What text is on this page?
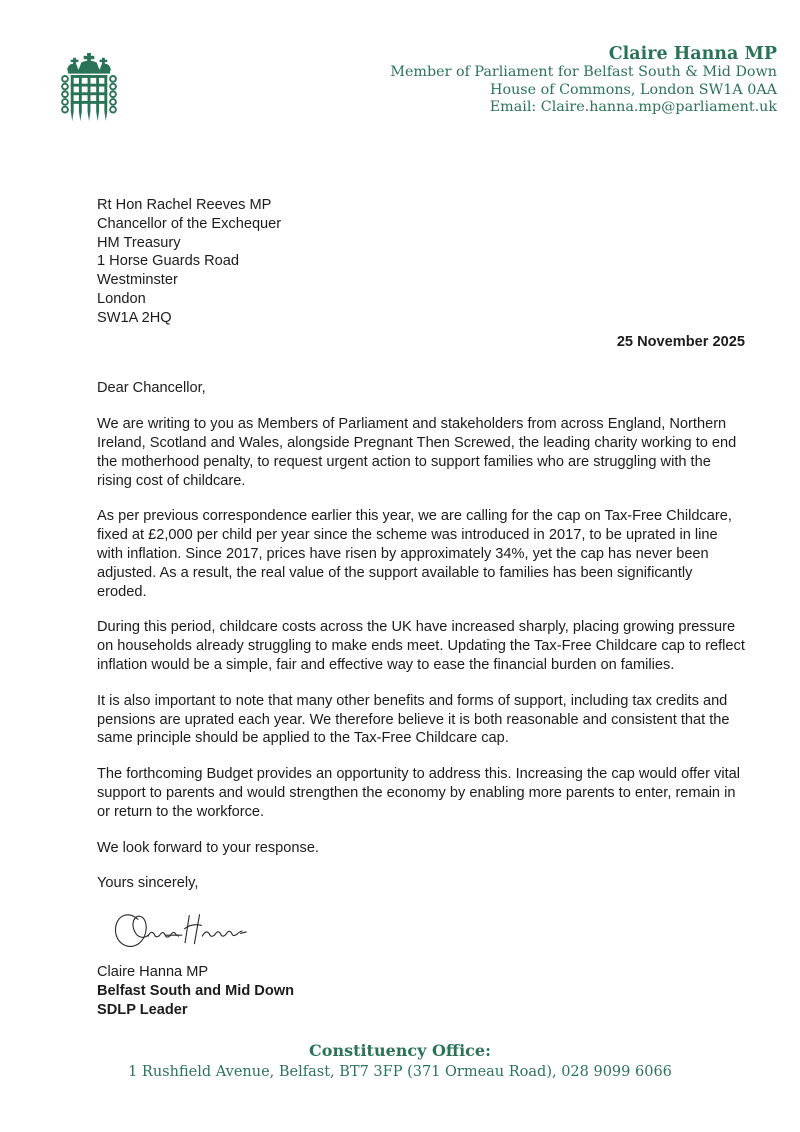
Claire Hanna MP
Member of Parliament for Belfast South & Mid Down
House of Commons, London SW1A 0AA
Email: Claire.hanna.mp@parliament.uk
Rt Hon Rachel Reeves MP
Chancellor of the Exchequer
HM Treasury
1 Horse Guards Road
Westminster
London
SW1A 2HQ
25 November 2025
Dear Chancellor,

We are writing to you as Members of Parliament and stakeholders from across England, Northern Ireland, Scotland and Wales, alongside Pregnant Then Screwed, the leading charity working to end the motherhood penalty, to request urgent action to support families who are struggling with the rising cost of childcare.

As per previous correspondence earlier this year, we are calling for the cap on Tax-Free Childcare, fixed at £2,000 per child per year since the scheme was introduced in 2017, to be uprated in line with inflation. Since 2017, prices have risen by approximately 34%, yet the cap has never been adjusted. As a result, the real value of the support available to families has been significantly eroded.

During this period, childcare costs across the UK have increased sharply, placing growing pressure on households already struggling to make ends meet. Updating the Tax-Free Childcare cap to reflect inflation would be a simple, fair and effective way to ease the financial burden on families.

It is also important to note that many other benefits and forms of support, including tax credits and pensions are uprated each year. We therefore believe it is both reasonable and consistent that the same principle should be applied to the Tax-Free Childcare cap.

The forthcoming Budget provides an opportunity to address this. Increasing the cap would offer vital support to parents and would strengthen the economy by enabling more parents to enter, remain in or return to the workforce.

We look forward to your response.

Yours sincerely,
Claire Hanna MP
Belfast South and Mid Down
SDLP Leader
Constituency Office:
1 Rushfield Avenue, Belfast, BT7 3FP (371 Ormeau Road), 028 9099 6066
